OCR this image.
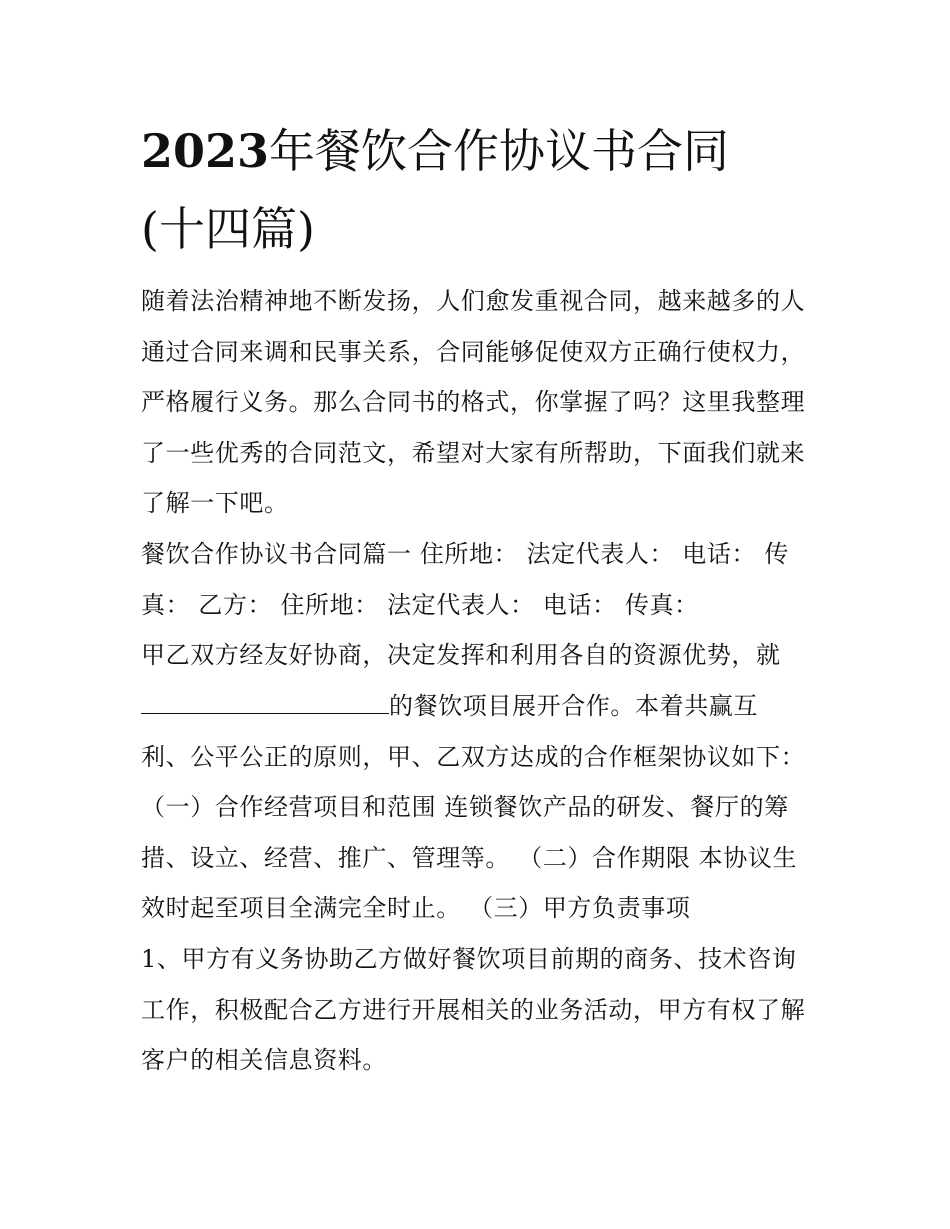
2023年餐饮合作协议书合同
(十四篇)
随着法治精神地不断发扬，人们愈发重视合同，越来越多的人
通过合同来调和民事关系，合同能够促使双方正确行使权力，
严格履行义务。那么合同书的格式，你掌握了吗？这里我整理
了一些优秀的合同范文，希望对大家有所帮助，下面我们就来
了解一下吧。
餐饮合作协议书合同篇一 住所地： 法定代表人： 电话： 传
真： 乙方： 住所地： 法定代表人： 电话： 传真：
甲乙双方经友好协商，决定发挥和利用各自的资源优势，就
的餐饮项目展开合作。本着共赢互
利、公平公正的原则，甲、乙双方达成的合作框架协议如下：
（一）合作经营项目和范围 连锁餐饮产品的研发、餐厅的筹
措、设立、经营、推广、管理等。 （二）合作期限 本协议生
效时起至项目全满完全时止。 （三）甲方负责事项
1、甲方有义务协助乙方做好餐饮项目前期的商务、技术咨询
工作，积极配合乙方进行开展相关的业务活动，甲方有权了解
客户的相关信息资料。
